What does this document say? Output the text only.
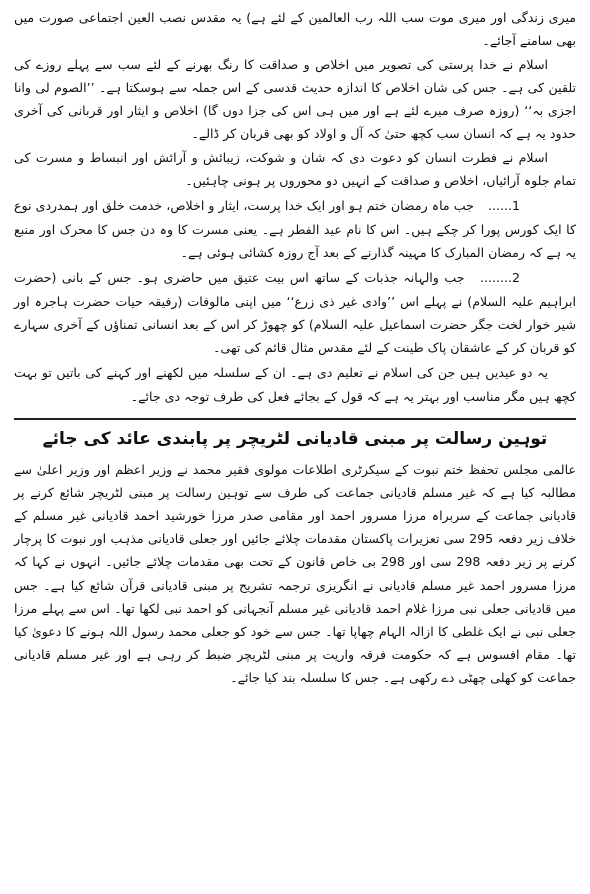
میری زندگی اور میری موت سب اللہ رب العالمین کے لئے ہے) یہ مقدس نصب العین اجتماعی صورت میں بھی سامنے آجائے۔

اسلام نے خدا پرستی کی تصویر میں اخلاص و صداقت کا رنگ بھرنے کے لئے سب سے پہلے روزے کی تلقین کی ہے۔ جس کی شان اخلاص کا اندازہ حدیث قدسی کے اس جملہ سے ہوسکتا ہے۔ ’’الصوم لی وانا اجزی بہ‘‘ (روزہ صرف میرے لئے ہے اور میں ہی اس کی جزا دوں گا) اخلاص و ایثار اور قربانی کی آخری حدود یہ ہے کہ انسان سب کچھ حتیٰ کہ آل و اولاد کو بھی قربان کر ڈالے۔

اسلام نے فطرت انسان کو دعوت دی کہ شان و شوکت، زیبائش و آرائش اور انبساط و مسرت کی تمام جلوہ آرائیاں، اخلاص و صداقت کے انہیں دو محوروں پر ہونی چاہئیں۔

1...... جب ماہ رمضان ختم ہو اور ایک خدا پرست، ایثار و اخلاص، خدمت خلق اور ہمدردی نوع کا ایک کورس پورا کر چکے ہیں۔ اس کا نام عید الفطر ہے۔ یعنی مسرت کا وہ دن جس کا محرک اور منبع یہ ہے کہ رمضان المبارک کا مہینہ گذارنے کے بعد آج روزہ کشائی ہوئی ہے۔

2........ جب والہانہ جذبات کے ساتھ اس بیت عتیق میں حاضری ہو۔ جس کے بانی (حضرت ابراہیم علیہ السلام) نے پہلے اس ’’وادی غیر ذی زرع‘‘ میں اپنی مالوفات (رفیقہ حیات حضرت ہاجرہ اور شیر خوار لخت جگر حضرت اسماعیل علیہ السلام) کو چھوڑ کر اس کے بعد انسانی تمناؤں کے آخری سہارے کو قربان کر کے عاشقان پاک طینت کے لئے مقدس مثال قائم کی تھی۔

یہ دو عیدیں ہیں جن کی اسلام نے تعلیم دی ہے۔ ان کے سلسلہ میں لکھنے اور کہنے کی باتیں تو بہت کچھ ہیں مگر مناسب اور بہتر یہ ہے کہ قول کے بجائے فعل کی طرف توجہ دی جائے۔

توہین رسالت پر مبنی قادیانی لٹریچر پر پابندی عائد کی جائے

عالمی مجلس تحفظ ختم نبوت کے سیکرٹری اطلاعات مولوی فقیر محمد نے وزیر اعظم اور وزیر اعلیٰ سے مطالبہ کیا ہے کہ غیر مسلم قادیانی جماعت کی طرف سے توہین رسالت پر مبنی لٹریچر شائع کرنے پر قادیانی جماعت کے سربراہ مرزا مسرور احمد اور مقامی صدر مرزا خورشید احمد قادیانی غیر مسلم کے خلاف زیر دفعہ 295 سی تعزیرات پاکستان مقدمات چلائے جائیں اور جعلی قادیانی مذہب اور نبوت کا پرچار کرنے پر زیر دفعہ 298 سی اور 298 بی خاص قانون کے تحت بھی مقدمات چلائے جائیں۔ انہوں نے کہا کہ مرزا مسرور احمد غیر مسلم قادیانی نے انگریزی ترجمہ تشریح پر مبنی قادیانی قرآن شائع کیا ہے۔ جس میں قادیانی جعلی نبی مرزا غلام احمد قادیانی غیر مسلم آنجہانی کو احمد نبی لکھا تھا۔ اس سے پہلے مرزا جعلی نبی نے ایک غلطی کا ازالہ الہام چھاپا تھا۔ جس سے خود کو جعلی محمد رسول اللہ ہونے کا دعویٰ کیا تھا۔ مقام افسوس ہے کہ حکومت فرقہ واریت پر مبنی لٹریچر ضبط کر رہی ہے اور غیر مسلم قادیانی جماعت کو کھلی چھٹی دے رکھی ہے۔ جس کا سلسلہ بند کیا جائے۔
